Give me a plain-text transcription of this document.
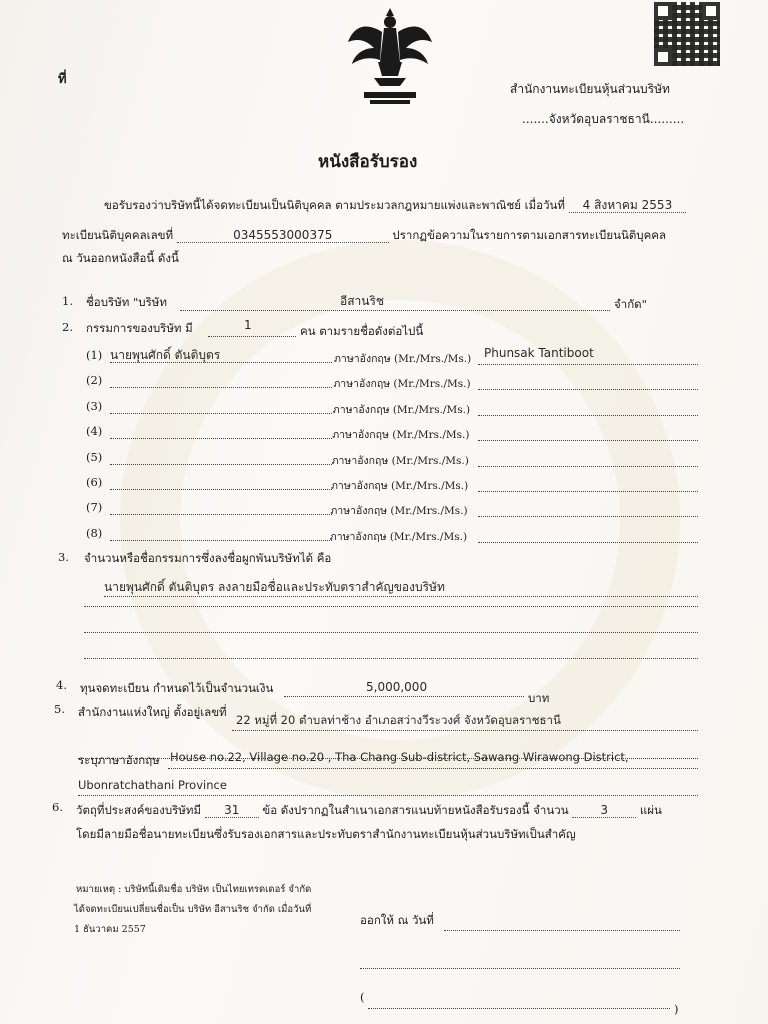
ที่
สำนักงานทะเบียนหุ้นส่วนบริษัท
.......จังหวัดอุบลราชธานี.........
หนังสือรับรอง
ขอรับรองว่าบริษัทนี้ได้จดทะเบียนเป็นนิติบุคคล ตามประมวลกฎหมายแพ่งและพาณิชย์ เมื่อวันที่ 4 สิงหาคม 2553
ทะเบียนนิติบุคคลเลขที่	0345553000375	ปรากฏข้อความในรายการตามเอกสารทะเบียนนิติบุคคล
ณ วันออกหนังสือนี้ ดังนี้
1. ชื่อบริษัท "บริษัท	อีสานริช	จำกัด"
2. กรรมการของบริษัท มี	1	คน ตามรายชื่อดังต่อไปนี้
(1) นายพุนศักดิ์ ตันติบุตร	ภาษาอังกฤษ (Mr./Mrs./Ms.) Phunsak Tantiboot
(2)	ภาษาอังกฤษ (Mr./Mrs./Ms.)
(3)	ภาษาอังกฤษ (Mr./Mrs./Ms.)
(4)	ภาษาอังกฤษ (Mr./Mrs./Ms.)
(5)	ภาษาอังกฤษ (Mr./Mrs./Ms.)
(6)	ภาษาอังกฤษ (Mr./Mrs./Ms.)
(7)	ภาษาอังกฤษ (Mr./Mrs./Ms.)
(8)	ภาษาอังกฤษ (Mr./Mrs./Ms.)
3. จำนวนหรือชื่อกรรมการซึ่งลงชื่อผูกพันบริษัทได้ คือ
นายพุนศักดิ์ ตันติบุตร ลงลายมือชื่อและประทับตราสำคัญของบริษัท
4. ทุนจดทะเบียน กำหนดไว้เป็นจำนวนเงิน	5,000,000
บาท
5. สำนักงานแห่งใหญ่ ตั้งอยู่เลขที่
22 หมู่ที่ 20 ตำบลท่าช้าง อำเภอสว่างวีระวงศ์ จังหวัดอุบลราชธานี
ระบุภาษาอังกฤษ House no.22, Village no.20 , Tha Chang Sub-district, Sawang Wirawong District,
Ubonratchathani Province
6. วัตถุที่ประสงค์ของบริษัทมี 31 ข้อ ดังปรากฏในสำเนาเอกสารแนบท้ายหนังสือรับรองนี้ จำนวน	3	แผ่น
โดยมีลายมือชื่อนายทะเบียนซึ่งรับรองเอกสารและประทับตราสำนักงานทะเบียนหุ้นส่วนบริษัทเป็นสำคัญ
หมายเหตุ : บริษัทนี้เดิมชื่อ บริษัท เป็นไทยเทรดเดอร์ จำกัด
ได้จดทะเบียนเปลี่ยนชื่อเป็น บริษัท อีสานริช จำกัด เมื่อวันที่
1 ธันวาคม 2557
ออกให้ ณ วันที่
(
)
